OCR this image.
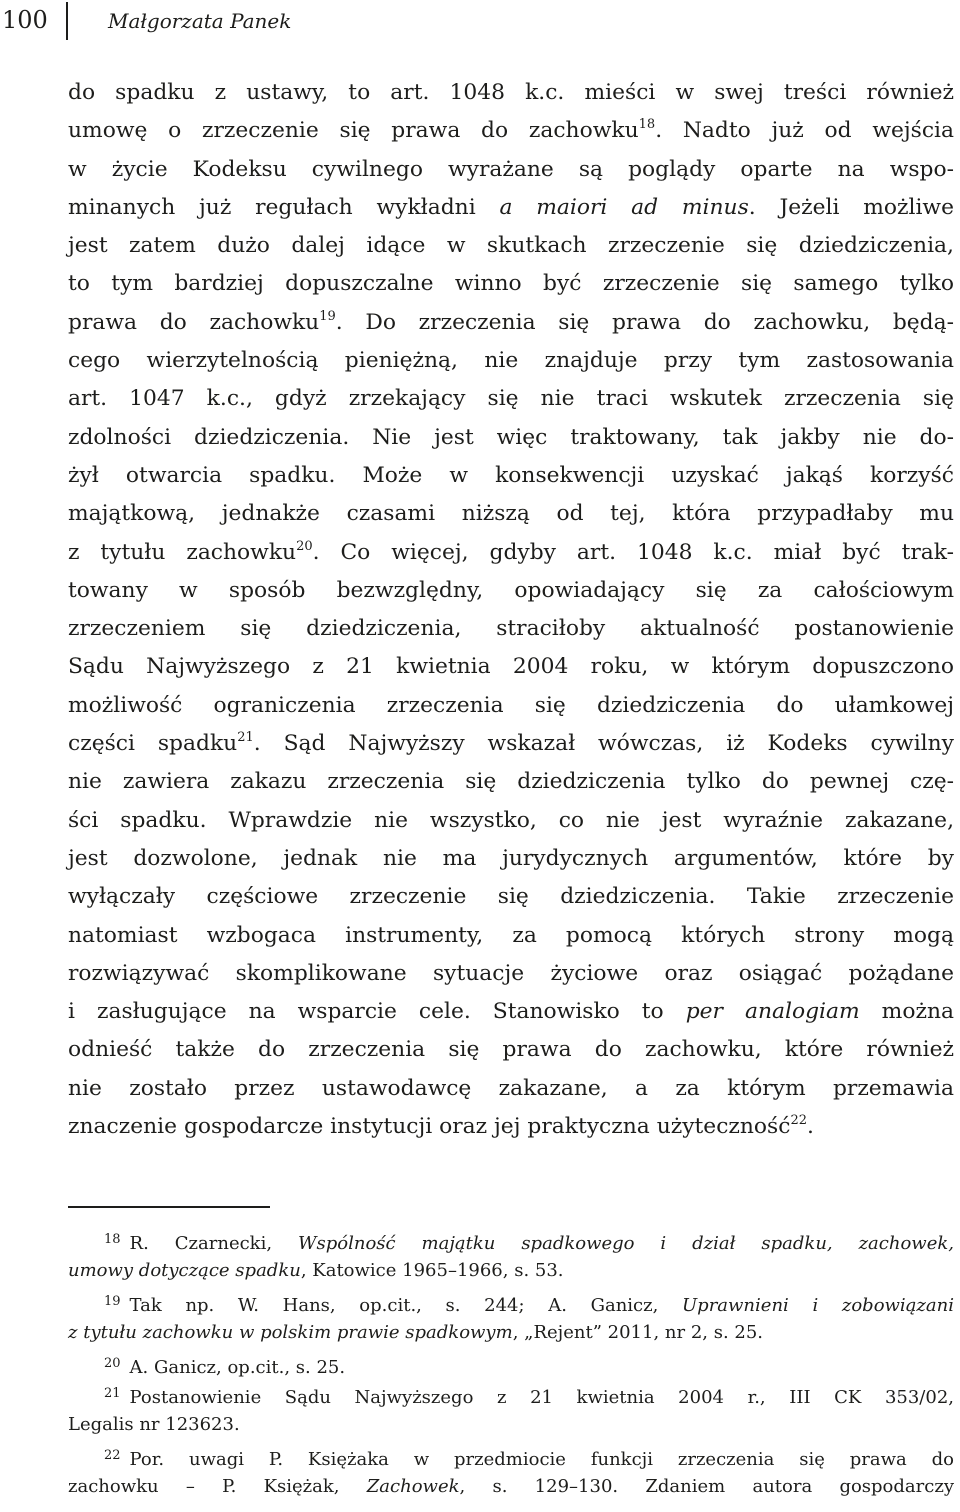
100	Małgorzata Panek
do spadku z ustawy, to art. 1048 k.c. mieści w swej treści również
umowę o zrzeczenie się prawa do zachowku$^{18}$. Nadto już od wejścia
w życie Kodeksu cywilnego wyrażane są poglądy oparte na wspo-
minanych już regułach wykładni a maiori ad minus. Jeżeli możliwe
jest zatem dużo dalej idące w skutkach zrzeczenie się dziedziczenia,
to tym bardziej dopuszczalne winno być zrzeczenie się samego tylko
prawa do zachowku$^{19}$. Do zrzeczenia się prawa do zachowku, będą-
cego wierzytelnością pieniężną, nie znajduje przy tym zastosowania
art. 1047 k.c., gdyż zrzekający się nie traci wskutek zrzeczenia się
zdolności dziedziczenia. Nie jest więc traktowany, tak jakby nie do-
żył otwarcia spadku. Może w konsekwencji uzyskać jakąś korzyść
majątkową, jednakże czasami niższą od tej, która przypadłaby mu
z tytułu zachowku$^{20}$. Co więcej, gdyby art. 1048 k.c. miał być trak-
towany w sposób bezwzględny, opowiadający się za całościowym
zrzeczeniem się dziedziczenia, straciłoby aktualność postanowienie
Sądu Najwyższego z 21 kwietnia 2004 roku, w którym dopuszczono
możliwość ograniczenia zrzeczenia się dziedziczenia do ułamkowej
części spadku$^{21}$. Sąd Najwyższy wskazał wówczas, iż Kodeks cywilny
nie zawiera zakazu zrzeczenia się dziedziczenia tylko do pewnej czę-
ści spadku. Wprawdzie nie wszystko, co nie jest wyraźnie zakazane,
jest dozwolone, jednak nie ma jurydycznych argumentów, które by
wyłączały częściowe zrzeczenie się dziedziczenia. Takie zrzeczenie
natomiast wzbogaca instrumenty, za pomocą których strony mogą
rozwiązywać skomplikowane sytuacje życiowe oraz osiągać pożądane
i zasługujące na wsparcie cele. Stanowisko to per analogiam można
odnieść także do zrzeczenia się prawa do zachowku, które również
nie zostało przez ustawodawcę zakazane, a za którym przemawia
znaczenie gospodarcze instytucji oraz jej praktyczna użyteczność$^{22}$.
$^{18}$ R. Czarnecki, Wspólność majątku spadkowego i dział spadku, zachowek,
umowy dotyczące spadku, Katowice 1965–1966, s. 53.
$^{19}$ Tak np. W. Hans, op.cit., s. 244; A. Ganicz, Uprawnieni i zobowiązani
z tytułu zachowku w polskim prawie spadkowym, „Rejent” 2011, nr 2, s. 25.
$^{20}$ A. Ganicz, op.cit., s. 25.
$^{21}$ Postanowienie Sądu Najwyższego z 21 kwietnia 2004 r., III CK 353/02,
Legalis nr 123623.
$^{22}$ Por. uwagi P. Księżaka w przedmiocie funkcji zrzeczenia się prawa do
zachowku – P. Księżak, Zachowek, s. 129–130. Zdaniem autora gospodarczy
